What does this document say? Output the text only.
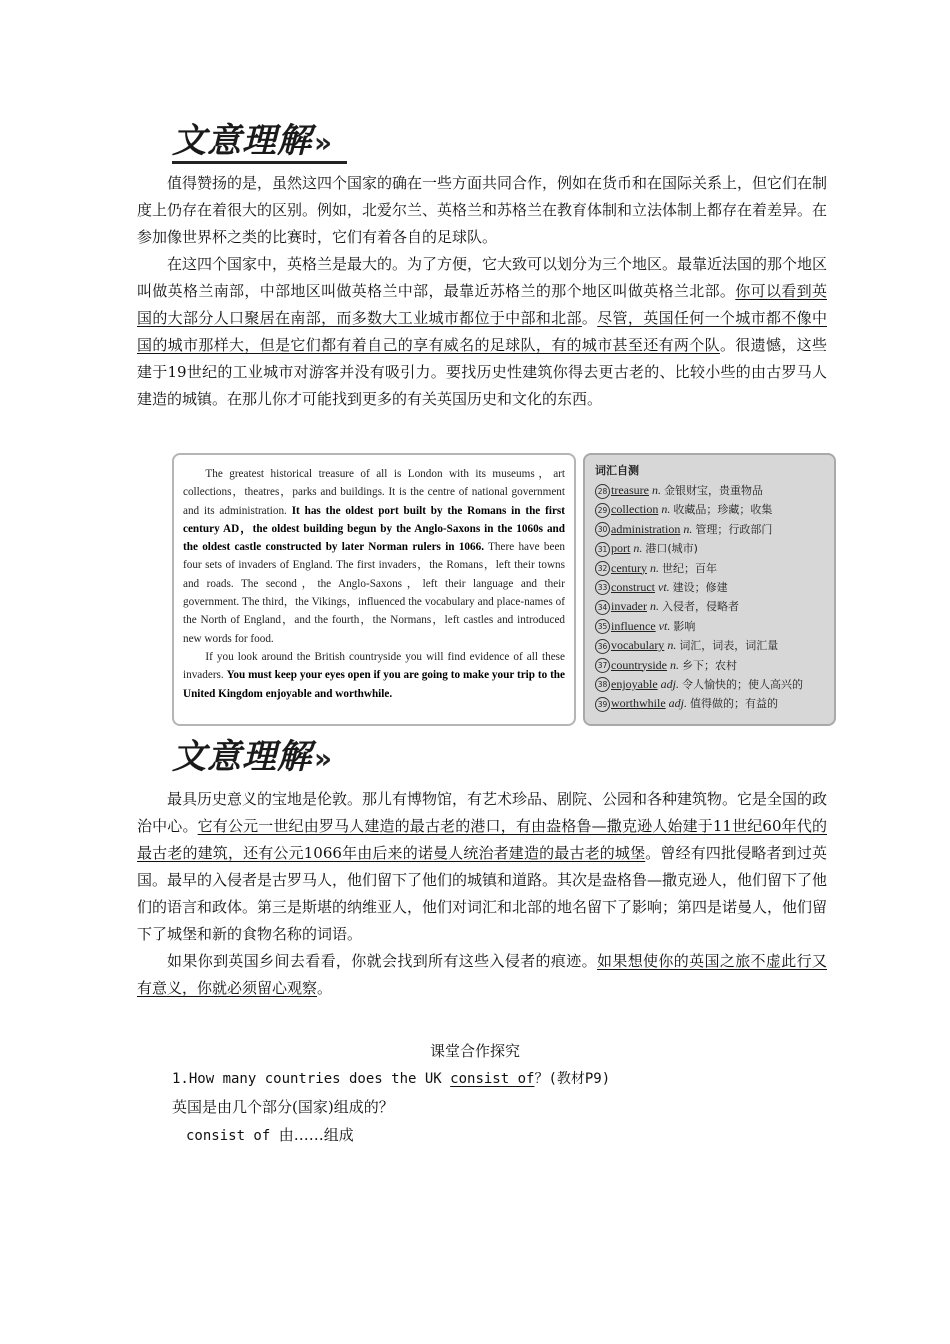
文意理解»

值得赞扬的是，虽然这四个国家的确在一些方面共同合作，例如在货币和在国际关系上，但它们在制度上仍存在着很大的区别。例如，北爱尔兰、英格兰和苏格兰在教育体制和立法体制上都存在着差异。在参加像世界杯之类的比赛时，它们有着各自的足球队。

在这四个国家中，英格兰是最大的。为了方便，它大致可以划分为三个地区。最靠近法国的那个地区叫做英格兰南部，中部地区叫做英格兰中部，最靠近苏格兰的那个地区叫做英格兰北部。你可以看到英国的大部分人口聚居在南部，而多数大工业城市都位于中部和北部。尽管，英国任何一个城市都不像中国的城市那样大，但是它们都有着自己的享有威名的足球队，有的城市甚至还有两个队。很遗憾，这些建于19世纪的工业城市对游客并没有吸引力。要找历史性建筑你得去更古老的、比较小些的由古罗马人建造的城镇。在那儿你才可能找到更多的有关英国历史和文化的东西。

The greatest historical treasure of all is London with its museums，art collections，theatres，parks and buildings. It is the centre of national government and its administration. It has the oldest port built by the Romans in the first century AD，the oldest building begun by the Anglo-Saxons in the 1060s and the oldest castle constructed by later Norman rulers in 1066. There have been four sets of invaders of England. The first invaders，the Romans，left their towns and roads. The second，the Anglo-Saxons，left their language and their government. The third，the Vikings，influenced the vocabulary and place-names of the North of England，and the fourth，the Normans，left castles and introduced new words for food.

If you look around the British countryside you will find evidence of all these invaders. You must keep your eyes open if you are going to make your trip to the United Kingdom enjoyable and worthwhile.

词汇自测
28 treasure n. 金银财宝，贵重物品
29 collection n. 收藏品；珍藏；收集
30 administration n. 管理；行政部门
31 port n. 港口(城市)
32 century n. 世纪；百年
33 construct vt. 建设；修建
34 invader n. 入侵者，侵略者
35 influence vt. 影响
36 vocabulary n. 词汇，词表，词汇量
37 countryside n. 乡下；农村
38 enjoyable adj. 令人愉快的；使人高兴的
39 worthwhile adj. 值得做的；有益的
文意理解»

最具历史意义的宝地是伦敦。那儿有博物馆，有艺术珍品、剧院、公园和各种建筑物。它是全国的政治中心。它有公元一世纪由罗马人建造的最古老的港口，有由盎格鲁—撒克逊人始建于11世纪60年代的最古老的建筑，还有公元1066年由后来的诺曼人统治者建造的最古老的城堡。曾经有四批侵略者到过英国。最早的入侵者是古罗马人，他们留下了他们的城镇和道路。其次是盎格鲁—撒克逊人，他们留下了他们的语言和政体。第三是斯堪的纳维亚人，他们对词汇和北部的地名留下了影响；第四是诺曼人，他们留下了城堡和新的食物名称的词语。

如果你到英国乡间去看看，你就会找到所有这些入侵者的痕迹。如果想使你的英国之旅不虚此行又有意义，你就必须留心观察。

课堂合作探究
1.How many countries does the UK consist of？(教材P9)
英国是由几个部分(国家)组成的？
consist of 由……组成
